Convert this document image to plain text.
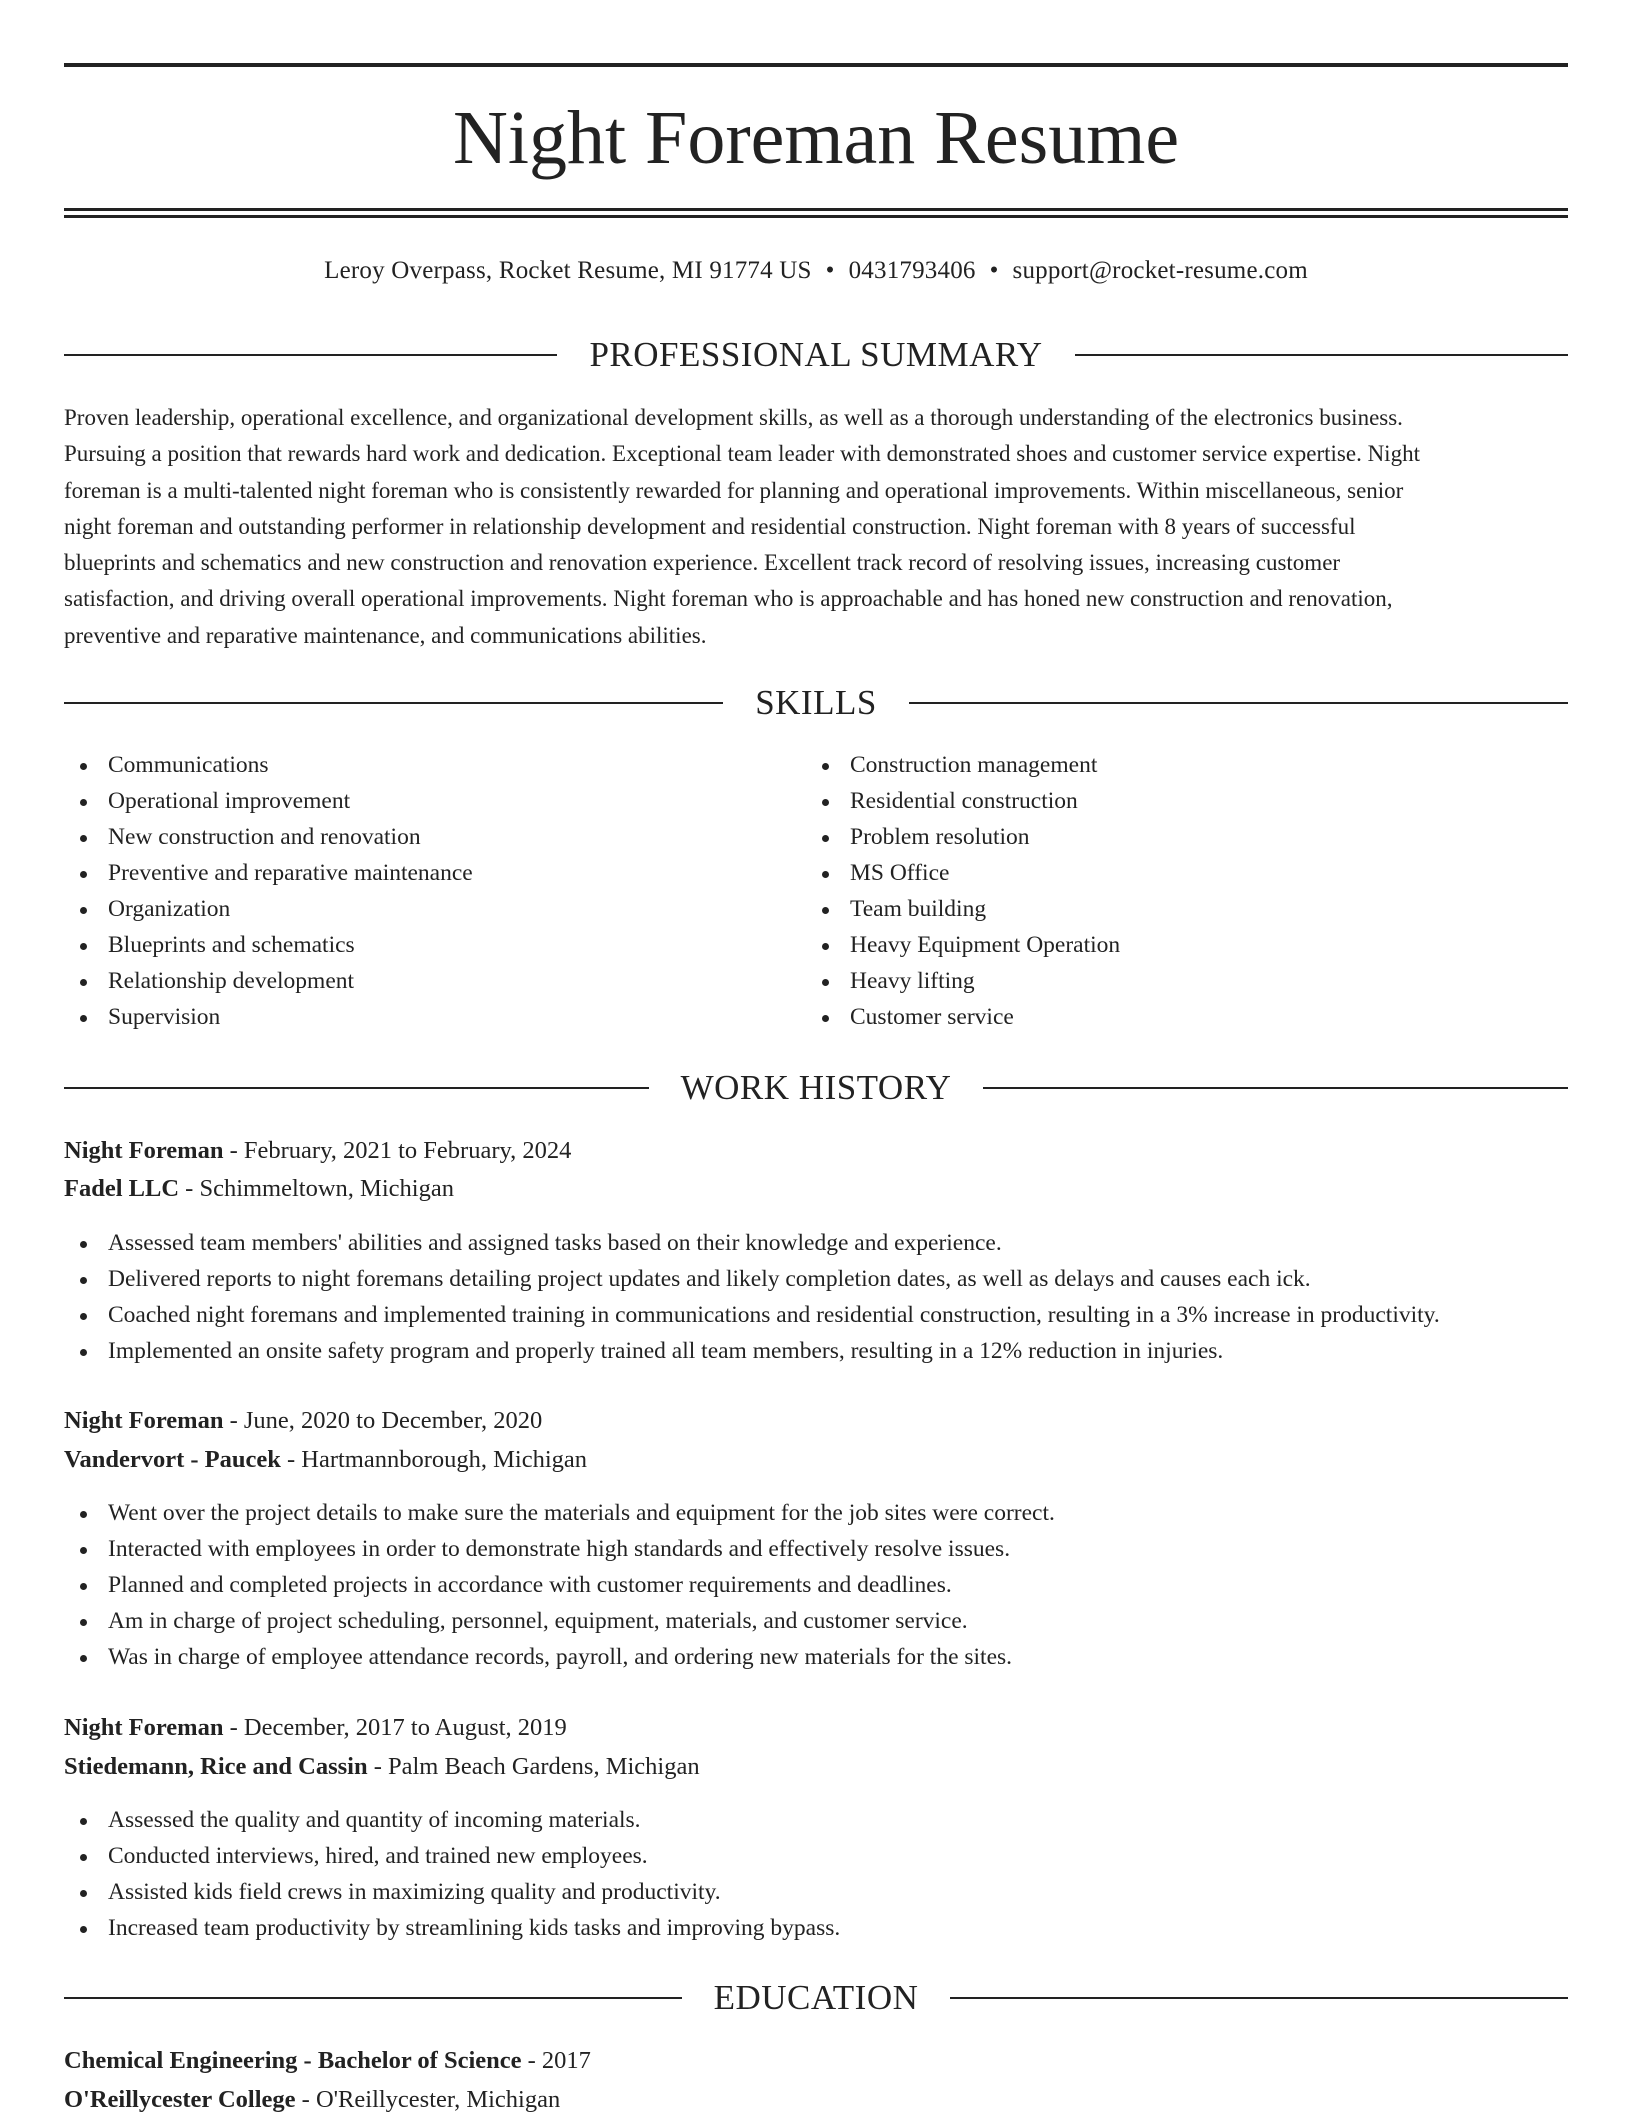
Night Foreman Resume
Leroy Overpass, Rocket Resume, MI 91774 US • 0431793406 • support@rocket-resume.com
PROFESSIONAL SUMMARY

Proven leadership, operational excellence, and organizational development skills, as well as a thorough understanding of the electronics business.
Pursuing a position that rewards hard work and dedication. Exceptional team leader with demonstrated shoes and customer service expertise. Night
foreman is a multi-talented night foreman who is consistently rewarded for planning and operational improvements. Within miscellaneous, senior
night foreman and outstanding performer in relationship development and residential construction. Night foreman with 8 years of successful
blueprints and schematics and new construction and renovation experience. Excellent track record of resolving issues, increasing customer
satisfaction, and driving overall operational improvements. Night foreman who is approachable and has honed new construction and renovation,
preventive and reparative maintenance, and communications abilities.

SKILLS
Communications
Operational improvement
New construction and renovation
Preventive and reparative maintenance
Organization
Blueprints and schematics
Relationship development
Supervision
Construction management
Residential construction
Problem resolution
MS Office
Team building
Heavy Equipment Operation
Heavy lifting
Customer service
WORK HISTORY
Night Foreman - February, 2021 to February, 2024
Fadel LLC - Schimmeltown, Michigan
Assessed team members' abilities and assigned tasks based on their knowledge and experience.
Delivered reports to night foremans detailing project updates and likely completion dates, as well as delays and causes each ick.
Coached night foremans and implemented training in communications and residential construction, resulting in a 3% increase in productivity.
Implemented an onsite safety program and properly trained all team members, resulting in a 12% reduction in injuries.
Night Foreman - June, 2020 to December, 2020
Vandervort - Paucek - Hartmannborough, Michigan
Went over the project details to make sure the materials and equipment for the job sites were correct.
Interacted with employees in order to demonstrate high standards and effectively resolve issues.
Planned and completed projects in accordance with customer requirements and deadlines.
Am in charge of project scheduling, personnel, equipment, materials, and customer service.
Was in charge of employee attendance records, payroll, and ordering new materials for the sites.
Night Foreman - December, 2017 to August, 2019
Stiedemann, Rice and Cassin - Palm Beach Gardens, Michigan
Assessed the quality and quantity of incoming materials.
Conducted interviews, hired, and trained new employees.
Assisted kids field crews in maximizing quality and productivity.
Increased team productivity by streamlining kids tasks and improving bypass.
EDUCATION
Chemical Engineering - Bachelor of Science - 2017
O'Reillycester College - O'Reillycester, Michigan
